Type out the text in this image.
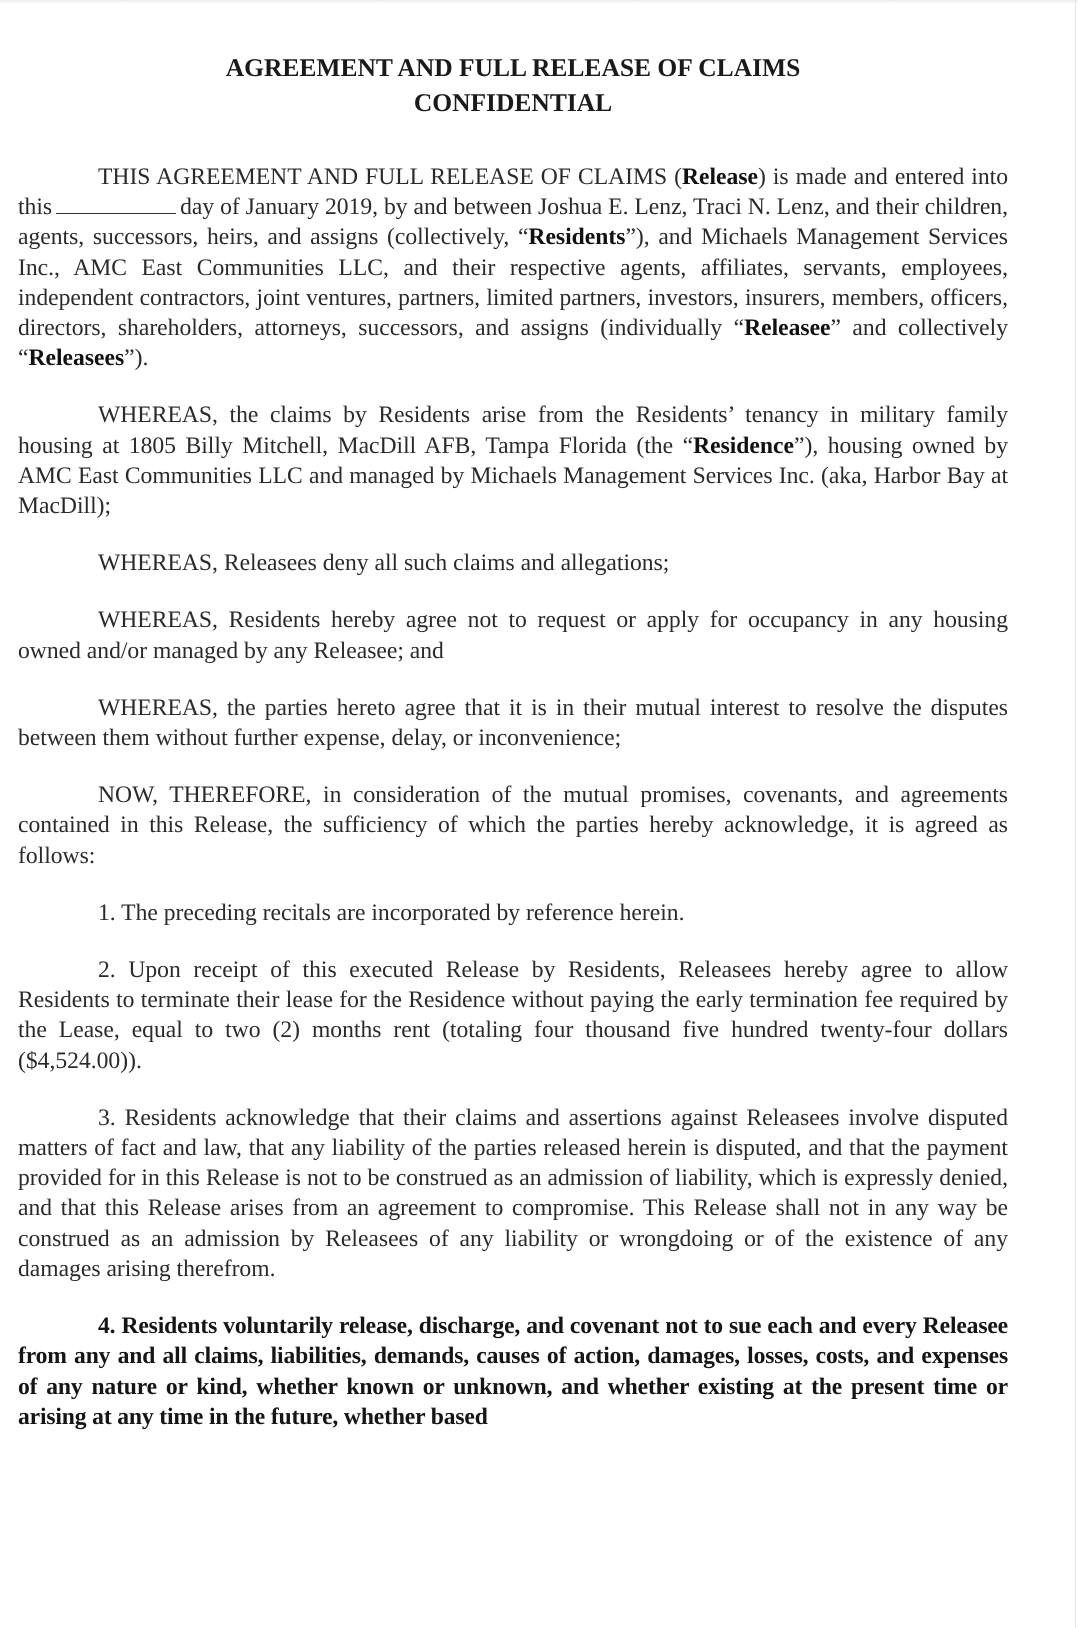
AGREEMENT AND FULL RELEASE OF CLAIMS
CONFIDENTIAL

THIS AGREEMENT AND FULL RELEASE OF CLAIMS (Release) is made and entered into this	day of January 2019, by and between Joshua E. Lenz, Traci N. Lenz, and their children, agents, successors, heirs, and assigns (collectively, “Residents”), and Michaels Management Services Inc., AMC East Communities LLC, and their respective agents, affiliates, servants, employees, independent contractors, joint ventures, partners, limited partners, investors, insurers, members, officers, directors, shareholders, attorneys, successors, and assigns (individually “Releasee” and collectively “Releasees”).

WHEREAS, the claims by Residents arise from the Residents’ tenancy in military family housing at 1805 Billy Mitchell, MacDill AFB, Tampa Florida (the “Residence”), housing owned by AMC East Communities LLC and managed by Michaels Management Services Inc. (aka, Harbor Bay at MacDill);

WHEREAS, Releasees deny all such claims and allegations;

WHEREAS, Residents hereby agree not to request or apply for occupancy in any housing owned and/or managed by any Releasee; and

WHEREAS, the parties hereto agree that it is in their mutual interest to resolve the disputes between them without further expense, delay, or inconvenience;

NOW, THEREFORE, in consideration of the mutual promises, covenants, and agreements contained in this Release, the sufficiency of which the parties hereby acknowledge, it is agreed as follows:

1. The preceding recitals are incorporated by reference herein.

2. Upon receipt of this executed Release by Residents, Releasees hereby agree to allow Residents to terminate their lease for the Residence without paying the early termination fee required by the Lease, equal to two (2) months rent (totaling four thousand five hundred twenty-four dollars ($4,524.00)).

3. Residents acknowledge that their claims and assertions against Releasees involve disputed matters of fact and law, that any liability of the parties released herein is disputed, and that the payment provided for in this Release is not to be construed as an admission of liability, which is expressly denied, and that this Release arises from an agreement to compromise. This Release shall not in any way be construed as an admission by Releasees of any liability or wrongdoing or of the existence of any damages arising therefrom.

4. Residents voluntarily release, discharge, and covenant not to sue each and every Releasee from any and all claims, liabilities, demands, causes of action, damages, losses, costs, and expenses of any nature or kind, whether known or unknown, and whether existing at the present time or arising at any time in the future, whether based
